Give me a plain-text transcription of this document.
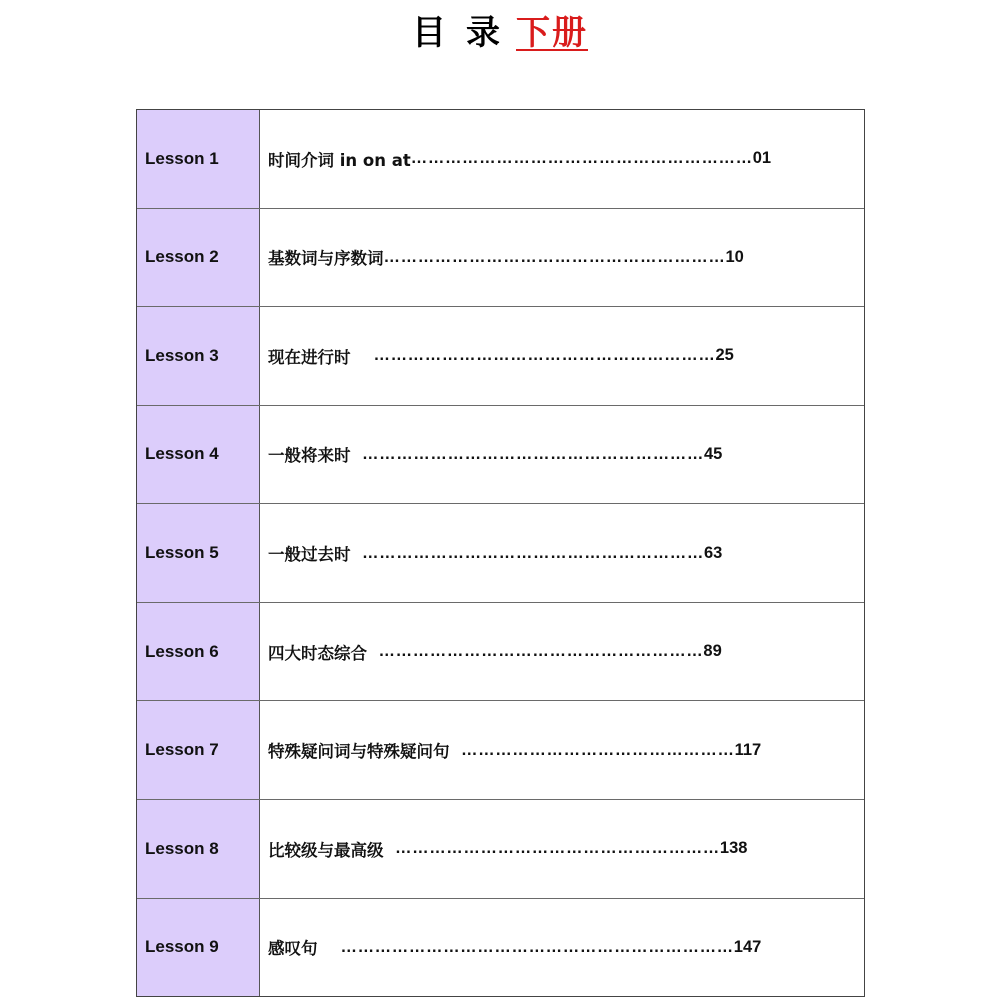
目 录 下册
Lesson 1	时间介词 in on at …………………………………………………… 01
Lesson 2	基数词与序数词 …………………………………………………… 10
Lesson 3	现在进行时 …………………………………………………… 25
Lesson 4	一般将来时 …………………………………………………… 45
Lesson 5	一般过去时 …………………………………………………… 63
Lesson 6	四大时态综合 ………………………………………………… 89
Lesson 7	特殊疑问词与特殊疑问句 ………………………………………… 117
Lesson 8	比较级与最高级 ………………………………………………… 138
Lesson 9	感叹句 …………………………………………………………… 147
